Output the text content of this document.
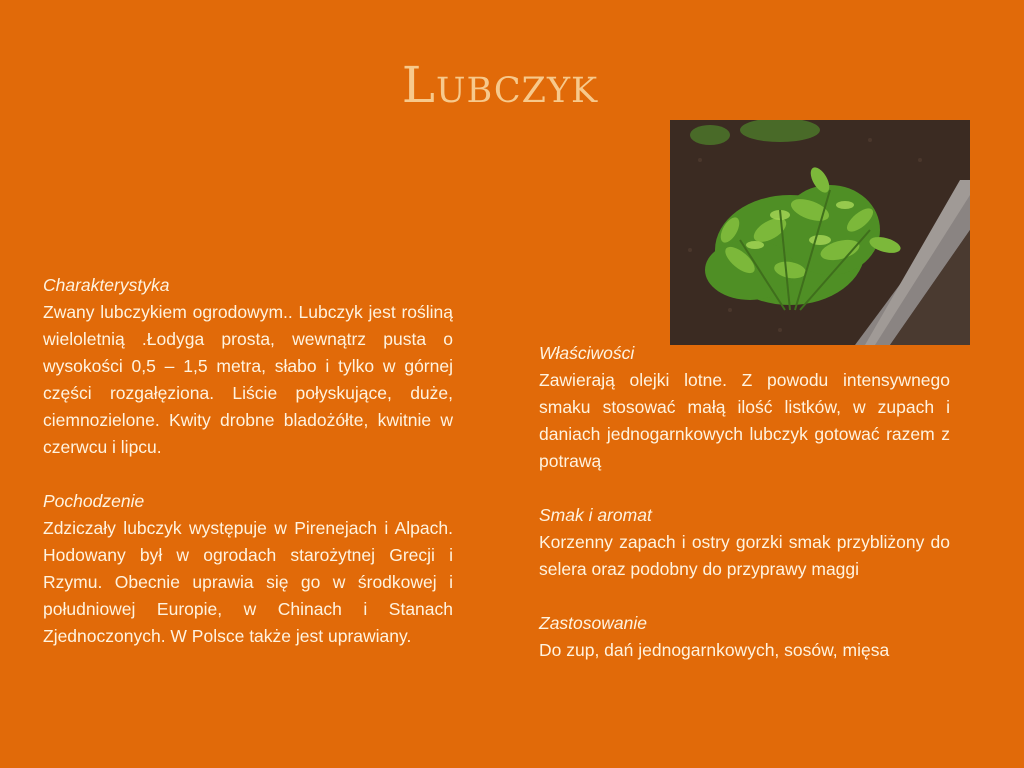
Lubczyk
Charakterystyka
Zwany lubczykiem ogrodowym.. Lubczyk jest rośliną wieloletnią .Łodyga prosta, wewnątrz pusta o wysokości 0,5 – 1,5 metra, słabo i tylko w górnej części rozgałęziona. Liście połyskujące, duże, ciemnozielone. Kwity drobne bladożółte, kwitnie w czerwcu i lipcu.
Pochodzenie
Zdziczały lubczyk występuje w Pirenejach i Alpach. Hodowany był w ogrodach starożytnej Grecji i Rzymu. Obecnie uprawia się go w środkowej i południowej Europie, w Chinach i Stanach Zjednoczonych. W Polsce także jest uprawiany.
Właściwości
Zawierają olejki lotne. Z powodu intensywnego smaku stosować małą ilość listków, w zupach i daniach jednogarnkowych lubczyk gotować razem z potrawą
Smak i aromat
Korzenny zapach i ostry gorzki smak przybliżony do selera oraz podobny do przyprawy maggi
Zastosowanie
Do zup, dań jednogarnkowych, sosów, mięsa
